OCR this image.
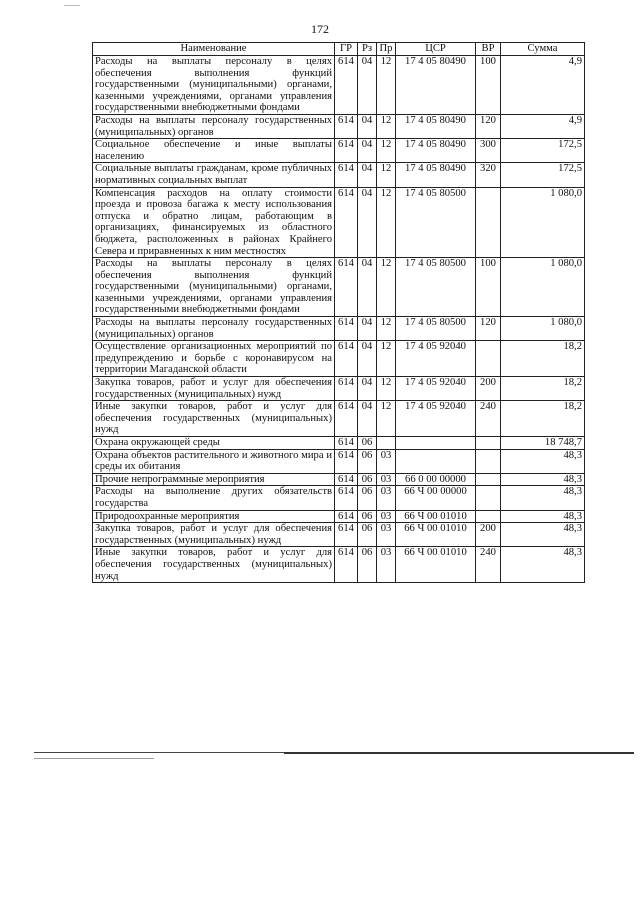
172
Наименование	ГР	Рз	Пр	ЦСР	ВР	Сумма
Расходы на выплаты персоналу в целях обеспечения выполнения функций государственными (муниципальными) органами, казенными учреждениями, органами управления государственными внебюджетными фондами	614	04	12	17 4 05 80490	100	4,9
Расходы на выплаты персоналу государственных (муниципальных) органов	614	04	12	17 4 05 80490	120	4,9
Социальное обеспечение и иные выплаты населению	614	04	12	17 4 05 80490	300	172,5
Социальные выплаты гражданам, кроме публичных нормативных социальных выплат	614	04	12	17 4 05 80490	320	172,5
Компенсация расходов на оплату стоимости проезда и провоза багажа к месту использования отпуска и обратно лицам, работающим в организациях, финансируемых из областного бюджета, расположенных в районах Крайнего Севера и приравненных к ним местностях	614	04	12	17 4 05 80500		1 080,0
Расходы на выплаты персоналу в целях обеспечения выполнения функций государственными (муниципальными) органами, казенными учреждениями, органами управления государственными внебюджетными фондами	614	04	12	17 4 05 80500	100	1 080,0
Расходы на выплаты персоналу государственных (муниципальных) органов	614	04	12	17 4 05 80500	120	1 080,0
Осуществление организационных мероприятий по предупреждению и борьбе с коронавирусом на территории Магаданской области	614	04	12	17 4 05 92040		18,2
Закупка товаров, работ и услуг для обеспечения государственных (муниципальных) нужд	614	04	12	17 4 05 92040	200	18,2
Иные закупки товаров, работ и услуг для обеспечения государственных (муниципальных) нужд	614	04	12	17 4 05 92040	240	18,2
Охрана окружающей среды	614	06				18 748,7
Охрана объектов растительного и животного мира и среды их обитания	614	06	03			48,3
Прочие непрограммные мероприятия	614	06	03	66 0 00 00000		48,3
Расходы на выполнение других обязательств государства	614	06	03	66 Ч 00 00000		48,3
Природоохранные мероприятия	614	06	03	66 Ч 00 01010		48,3
Закупка товаров, работ и услуг для обеспечения государственных (муниципальных) нужд	614	06	03	66 Ч 00 01010	200	48,3
Иные закупки товаров, работ и услуг для обеспечения государственных (муниципальных) нужд	614	06	03	66 Ч 00 01010	240	48,3
